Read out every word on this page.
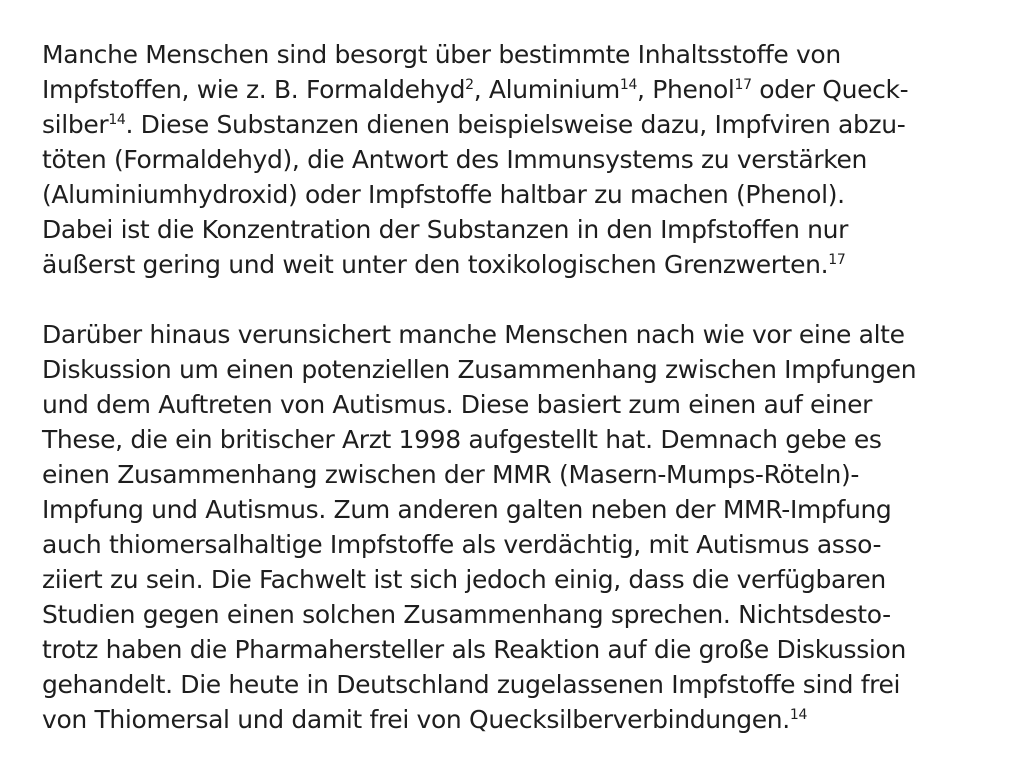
Manche Menschen sind besorgt über bestimmte Inhaltsstoffe von
Impfstoffen, wie z. B. Formaldehyd$^2$, Aluminium$^{14}$, Phenol$^{17}$ oder Queck-
silber$^{14}$. Diese Substanzen dienen beispielsweise dazu, Impfviren abzu-
töten (Formaldehyd), die Antwort des Immunsystems zu verstärken
(Aluminiumhydroxid) oder Impfstoffe haltbar zu machen (Phenol).
Dabei ist die Konzentration der Substanzen in den Impfstoffen nur
äußerst gering und weit unter den toxikologischen Grenzwerten.$^{17}$

Darüber hinaus verunsichert manche Menschen nach wie vor eine alte
Diskussion um einen potenziellen Zusammenhang zwischen Impfungen
und dem Auftreten von Autismus. Diese basiert zum einen auf einer
These, die ein britischer Arzt 1998 aufgestellt hat. Demnach gebe es
einen Zusammenhang zwischen der MMR (Masern-Mumps-Röteln)-
Impfung und Autismus. Zum anderen galten neben der MMR-Impfung
auch thiomersalhaltige Impfstoffe als verdächtig, mit Autismus asso-
ziiert zu sein. Die Fachwelt ist sich jedoch einig, dass die verfügbaren
Studien gegen einen solchen Zusammenhang sprechen. Nichtsdesto-
trotz haben die Pharmahersteller als Reaktion auf die große Diskussion
gehandelt. Die heute in Deutschland zugelassenen Impfstoffe sind frei
von Thiomersal und damit frei von Quecksilberverbindungen.$^{14}$
